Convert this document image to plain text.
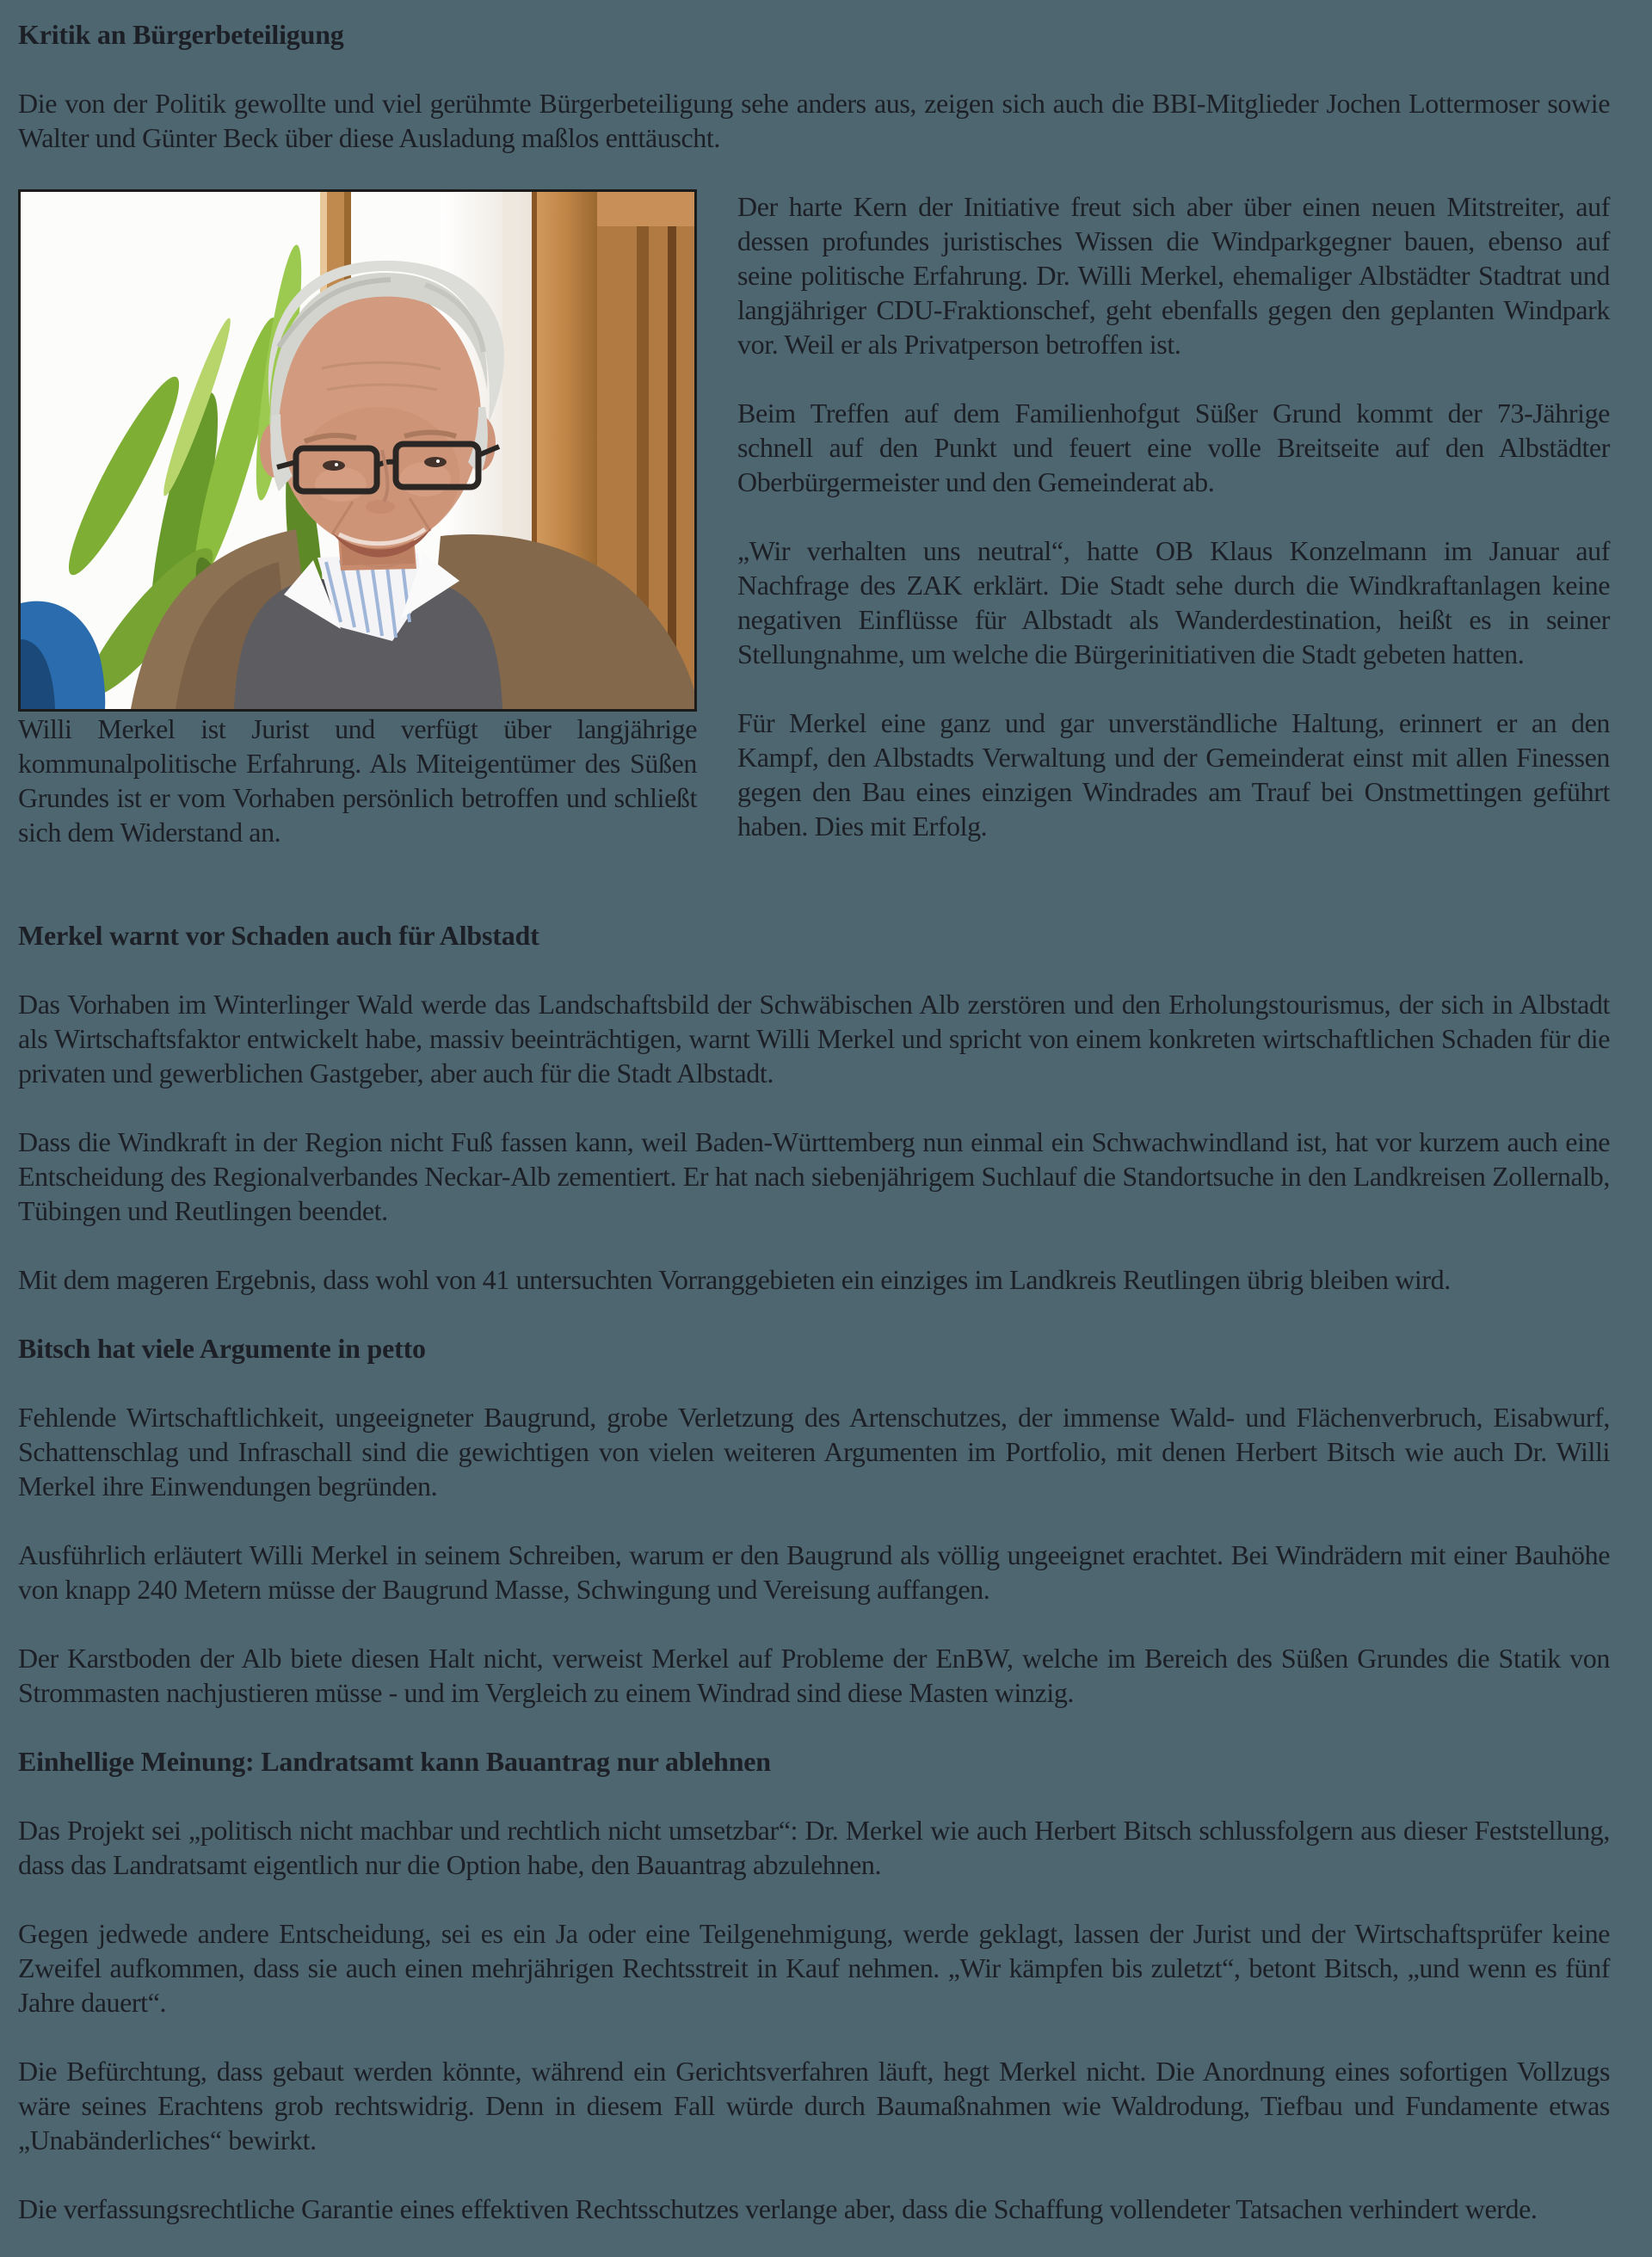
Kritik an Bürgerbeteiligung

Die von der Politik gewollte und viel gerühmte Bürgerbeteiligung sehe anders aus, zeigen sich auch die BBI-Mitglieder Jochen Lottermoser sowie Walter und Günter Beck über diese Ausladung maßlos enttäuscht.

Willi Merkel ist Jurist und verfügt über langjährige kommunalpolitische Erfahrung. Als Miteigentümer des Süßen Grundes ist er vom Vorhaben persönlich betroffen und schließt sich dem Widerstand an.

Der harte Kern der Initiative freut sich aber über einen neuen Mitstreiter, auf dessen profundes juristisches Wissen die Windparkgegner bauen, ebenso auf seine politische Erfahrung. Dr. Willi Merkel, ehemaliger Albstädter Stadtrat und langjähriger CDU-Fraktionschef, geht ebenfalls gegen den geplanten Windpark vor. Weil er als Privatperson betroffen ist.

Beim Treffen auf dem Familienhofgut Süßer Grund kommt der 73-Jährige schnell auf den Punkt und feuert eine volle Breitseite auf den Albstädter Oberbürgermeister und den Gemeinderat ab.

„Wir verhalten uns neutral“, hatte OB Klaus Konzelmann im Januar auf Nachfrage des ZAK erklärt. Die Stadt sehe durch die Windkraftanlagen keine negativen Einflüsse für Albstadt als Wanderdestination, heißt es in seiner Stellungnahme, um welche die Bürgerinitiativen die Stadt gebeten hatten.

Für Merkel eine ganz und gar unverständliche Haltung, erinnert er an den Kampf, den Albstadts Verwaltung und der Gemeinderat einst mit allen Finessen gegen den Bau eines einzigen Windrades am Trauf bei Onstmettingen geführt haben. Dies mit Erfolg.

Merkel warnt vor Schaden auch für Albstadt

Das Vorhaben im Winterlinger Wald werde das Landschaftsbild der Schwäbischen Alb zerstören und den Erholungstourismus, der sich in Albstadt als Wirtschaftsfaktor entwickelt habe, massiv beeinträchtigen, warnt Willi Merkel und spricht von einem konkreten wirtschaftlichen Schaden für die privaten und gewerblichen Gastgeber, aber auch für die Stadt Albstadt.

Dass die Windkraft in der Region nicht Fuß fassen kann, weil Baden-Württemberg nun einmal ein Schwachwindland ist, hat vor kurzem auch eine Entscheidung des Regionalverbandes Neckar-Alb zementiert. Er hat nach siebenjährigem Suchlauf die Standortsuche in den Landkreisen Zollernalb, Tübingen und Reutlingen beendet.

Mit dem mageren Ergebnis, dass wohl von 41 untersuchten Vorranggebieten ein einziges im Landkreis Reutlingen übrig bleiben wird.

Bitsch hat viele Argumente in petto

Fehlende Wirtschaftlichkeit, ungeeigneter Baugrund, grobe Verletzung des Artenschutzes, der immense Wald- und Flächenverbruch, Eisabwurf, Schattenschlag und Infraschall sind die gewichtigen von vielen weiteren Argumenten im Portfolio, mit denen Herbert Bitsch wie auch Dr. Willi Merkel ihre Einwendungen begründen.

Ausführlich erläutert Willi Merkel in seinem Schreiben, warum er den Baugrund als völlig ungeeignet erachtet. Bei Windrädern mit einer Bauhöhe von knapp 240 Metern müsse der Baugrund Masse, Schwingung und Vereisung auffangen.

Der Karstboden der Alb biete diesen Halt nicht, verweist Merkel auf Probleme der EnBW, welche im Bereich des Süßen Grundes die Statik von Strommasten nachjustieren müsse - und im Vergleich zu einem Windrad sind diese Masten winzig.

Einhellige Meinung: Landratsamt kann Bauantrag nur ablehnen

Das Projekt sei „politisch nicht machbar und rechtlich nicht umsetzbar“: Dr. Merkel wie auch Herbert Bitsch schlussfolgern aus dieser Feststellung, dass das Landratsamt eigentlich nur die Option habe, den Bauantrag abzulehnen.

Gegen jedwede andere Entscheidung, sei es ein Ja oder eine Teilgenehmigung, werde geklagt, lassen der Jurist und der Wirtschaftsprüfer keine Zweifel aufkommen, dass sie auch einen mehrjährigen Rechtsstreit in Kauf nehmen. „Wir kämpfen bis zuletzt“, betont Bitsch, „und wenn es fünf Jahre dauert“.

Die Befürchtung, dass gebaut werden könnte, während ein Gerichtsverfahren läuft, hegt Merkel nicht. Die Anordnung eines sofortigen Vollzugs wäre seines Erachtens grob rechtswidrig. Denn in diesem Fall würde durch Baumaßnahmen wie Waldrodung, Tiefbau und Fundamente etwas „Unabänderliches“ bewirkt.

Die verfassungsrechtliche Garantie eines effektiven Rechtsschutzes verlange aber, dass die Schaffung vollendeter Tatsachen verhindert werde.
